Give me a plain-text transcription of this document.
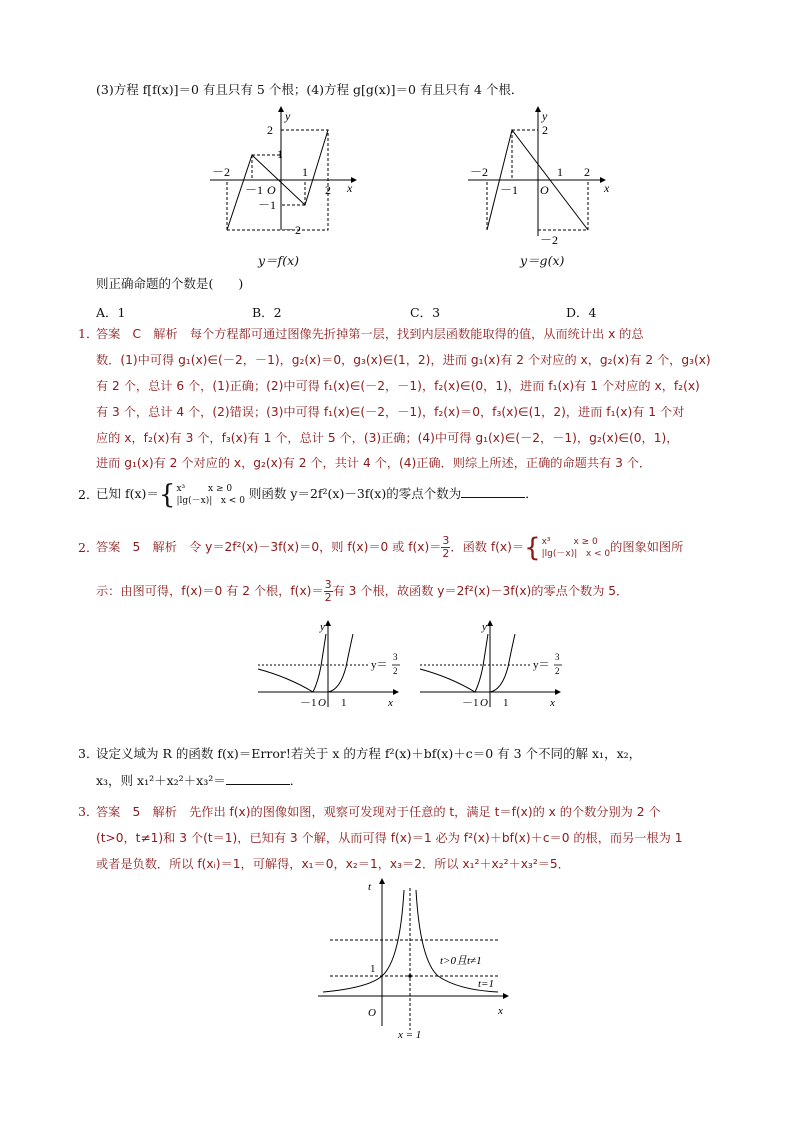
(3)方程 f[f(x)]＝0 有且只有 5 个根；(4)方程 g[g(x)]＝0 有且只有 4 个根．
－2
－1 O
1
2
1
－1
－2
2
x
y
y＝f(x)
－2
－1 O
1 2
2
－2
x
y
y＝g(x)
则正确命题的个数是(　　)
A．1	B．2	C．3	D．4
1．
答案　C　解析　每个方程都可通过图像先折掉第一层，找到内层函数能取得的值，从而统计出 x 的总
数．(1)中可得 g₁(x)∈(－2，－1)，g₂(x)＝0，g₃(x)∈(1，2)，进而 g₁(x)有 2 个对应的 x，g₂(x)有 2 个，g₃(x)
有 2 个，总计 6 个，(1)正确；(2)中可得 f₁(x)∈(－2，－1)，f₂(x)∈(0，1)，进而 f₁(x)有 1 个对应的 x，f₂(x)
有 3 个，总计 4 个，(2)错误；(3)中可得 f₁(x)∈(－2，－1)，f₂(x)＝0，f₃(x)∈(1，2)，进而 f₁(x)有 1 个对
应的 x，f₂(x)有 3 个，f₃(x)有 1 个，总计 5 个，(3)正确；(4)中可得 g₁(x)∈(－2，－1)，g₂(x)∈(0，1)，
进而 g₁(x)有 2 个对应的 x，g₂(x)有 2 个，共计 4 个，(4)正确．则综上所述，正确的命题共有 3 个．
2．
已知 f(x)＝{ x³	x ≥ 0
|lg(－x)| x < 0 则函数 y＝2f²(x)－3f(x)的零点个数为	．
2．
答案　5　解析　令 y＝2f²(x)－3f(x)＝0，则 f(x)＝0 或 $f(x)= \frac{3}{2}$ ．函数 f(x)＝{ x³	x ≥ 0
|lg(－x)| x < 0 的图象如图所
示：由图可得，f(x)＝0 有 2 个根，$f(x)= \frac{3}{2}$ 有 3 个根，故函数 y＝2f²(x)－3f(x)的零点个数为 5．
y
y＝
3
2
－1 O 1	x
y
y＝
3
2
－1 O 1	x
3．
设定义域为 R 的函数 f(x)＝Error!若关于 x 的方程 f²(x)＋bf(x)＋c＝0 有 3 个不同的解 x₁，x₂，
x₃，则 x₁²＋x₂²＋x₃²＝	．
3．
答案　5　解析　先作出 f(x)的图像如图，观察可发现对于任意的 t，满足 t＝f(x)的 x 的个数分别为 2 个
(t>0，t≠1)和 3 个(t＝1)，已知有 3 个解，从而可得 f(x)＝1 必为 f²(x)＋bf(x)＋c＝0 的根，而另一根为 1
或者是负数．所以 f(xᵢ)＝1，可解得，x₁＝0，x₂＝1，x₃＝2．所以 x₁²＋x₂²＋x₃²＝5．
t
x
O
1
t>0且t≠1
t=1
x = 1
